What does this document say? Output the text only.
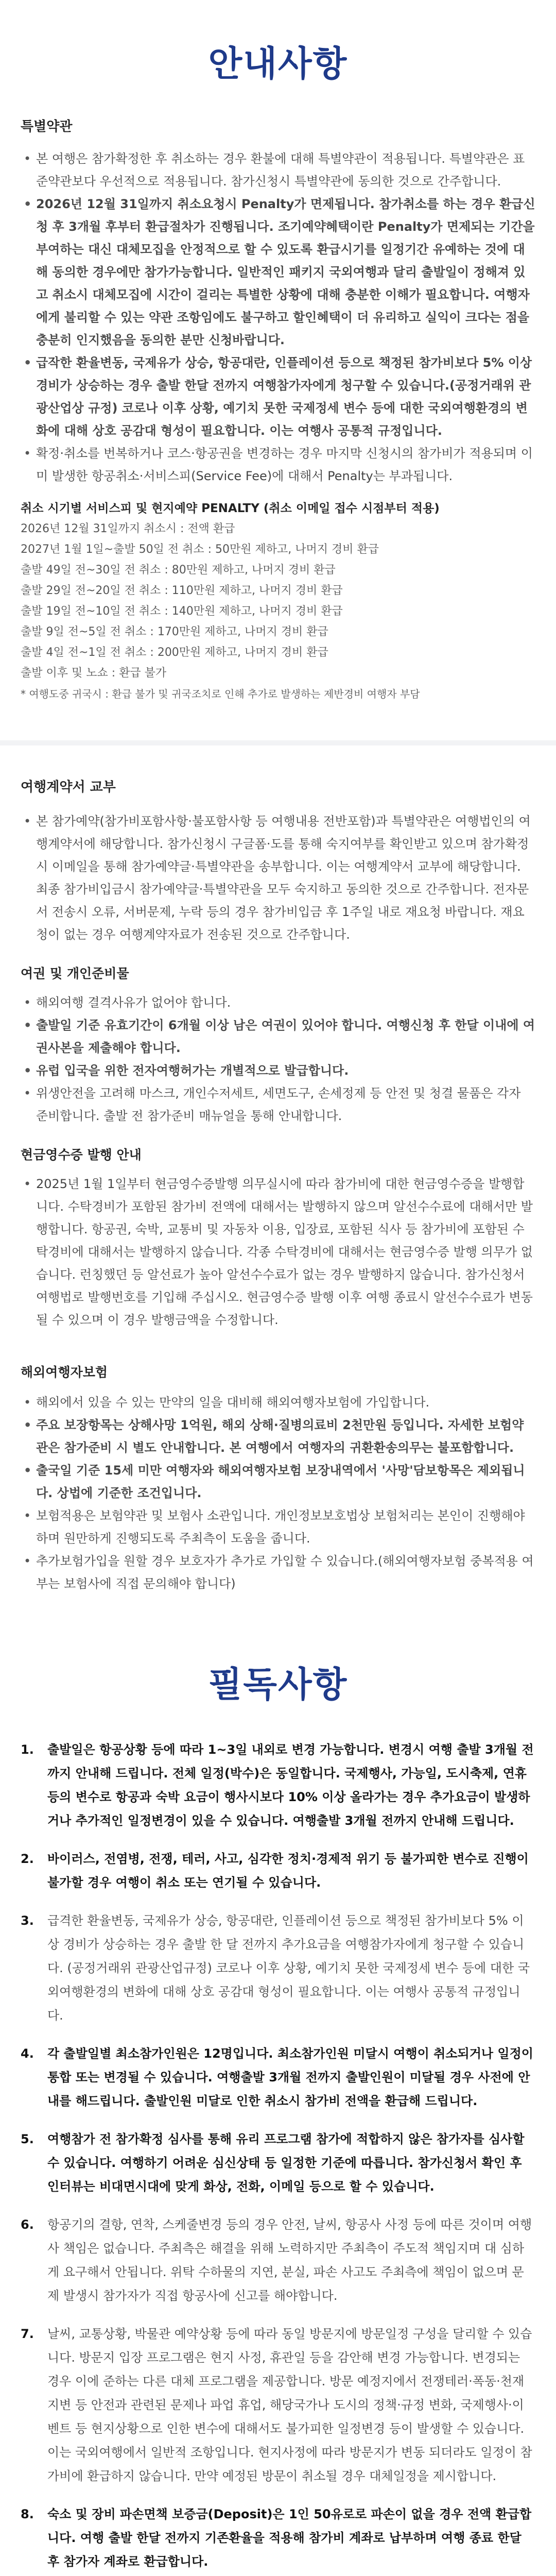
안내사항
특별약관
• 본 여행은 참가확정한 후 취소하는 경우 환불에 대해 특별약관이 적용됩니다. 특별약관은 표준약관보다 우선적으로 적용됩니다. 참가신청시 특별약관에 동의한 것으로 간주합니다.
• 2026년 12월 31일까지 취소요청시 Penalty가 면제됩니다. 참가취소를 하는 경우 환급신청 후 3개월 후부터 환급절차가 진행됩니다. 조기예약혜택이란 Penalty가 면제되는 기간을 부여하는 대신 대체모집을 안정적으로 할 수 있도록 환급시기를 일정기간 유예하는 것에 대해 동의한 경우에만 참가가능합니다. 일반적인 패키지 국외여행과 달리 출발일이 정해져 있고 취소시 대체모집에 시간이 걸리는 특별한 상황에 대해 충분한 이해가 필요합니다. 여행자에게 불리할 수 있는 약관 조항임에도 불구하고 할인혜택이 더 유리하고 실익이 크다는 점을 충분히 인지했음을 동의한 분만 신청바랍니다.
• 급작한 환율변동, 국제유가 상승, 항공대란, 인플레이션 등으로 책정된 참가비보다 5% 이상 경비가 상승하는 경우 출발 한달 전까지 여행참가자에게 청구할 수 있습니다.(공정거래위 관광산업상 규정) 코로나 이후 상황, 예기치 못한 국제정세 변수 등에 대한 국외여행환경의 변화에 대해 상호 공감대 형성이 필요합니다. 이는 여행사 공통적 규정입니다.
• 확정·취소를 번복하거나 코스·항공권을 변경하는 경우 마지막 신청시의 참가비가 적용되며 이미 발생한 항공취소·서비스피(Service Fee)에 대해서 Penalty는 부과됩니다.
취소 시기별 서비스피 및 현지예약 PENALTY (취소 이메일 접수 시점부터 적용)
2026년 12월 31일까지 취소시 : 전액 환급
2027년 1월 1일~출발 50일 전 취소 : 50만원 제하고, 나머지 경비 환급
출발 49일 전~30일 전 취소 : 80만원 제하고, 나머지 경비 환급
출발 29일 전~20일 전 취소 : 110만원 제하고, 나머지 경비 환급
출발 19일 전~10일 전 취소 : 140만원 제하고, 나머지 경비 환급
출발 9일 전~5일 전 취소 : 170만원 제하고, 나머지 경비 환급
출발 4일 전~1일 전 취소 : 200만원 제하고, 나머지 경비 환급
출발 이후 및 노쇼 : 환급 불가
* 여행도중 귀국시 : 환급 불가 및 귀국조치로 인해 추가로 발생하는 제반경비 여행자 부담
여행계약서 교부
• 본 참가예약(참가비포함사항·불포함사항 등 여행내용 전반포함)과 특별약관은 여행법인의 여행계약서에 해당합니다. 참가신청시 구글폼·도를 통해 숙지여부를 확인받고 있으며 참가확정시 이메일을 통해 참가예약글·특별약관을 송부합니다. 이는 여행계약서 교부에 해당합니다. 최종 참가비입금시 참가예약글·특별약관을 모두 숙지하고 동의한 것으로 간주합니다. 전자문서 전송시 오류, 서버문제, 누락 등의 경우 참가비입금 후 1주일 내로 재요청 바랍니다. 재요청이 없는 경우 여행계약자료가 전송된 것으로 간주합니다.
여권 및 개인준비물
• 해외여행 결격사유가 없어야 합니다.
• 출발일 기준 유효기간이 6개월 이상 남은 여권이 있어야 합니다. 여행신청 후 한달 이내에 여권사본을 제출해야 합니다.
• 유럽 입국을 위한 전자여행허가는 개별적으로 발급합니다.
• 위생안전을 고려해 마스크, 개인수저세트, 세면도구, 손세정제 등 안전 및 청결 물품은 각자 준비합니다. 출발 전 참가준비 매뉴얼을 통해 안내합니다.
현금영수증 발행 안내
• 2025년 1월 1일부터 현금영수증발행 의무실시에 따라 참가비에 대한 현금영수증을 발행합니다. 수탁경비가 포함된 참가비 전액에 대해서는 발행하지 않으며 알선수수료에 대해서만 발행합니다. 항공권, 숙박, 교통비 및 자동차 이용, 입장료, 포함된 식사 등 참가비에 포함된 수탁경비에 대해서는 발행하지 않습니다. 각종 수탁경비에 대해서는 현금영수증 발행 의무가 없습니다. 런칭했던 등 알선료가 높아 알선수수료가 없는 경우 발행하지 않습니다. 참가신청서 여행법로 발행번호를 기입해 주십시오. 현금영수증 발행 이후 여행 종료시 알선수수료가 변동될 수 있으며 이 경우 발행금액을 수정합니다.
해외여행자보험
• 해외에서 있을 수 있는 만약의 일을 대비해 해외여행자보험에 가입합니다.
• 주요 보장항목는 상해사망 1억원, 해외 상해·질병의료비 2천만원 등입니다. 자세한 보험약관은 참가준비 시 별도 안내합니다. 본 여행에서 여행자의 귀환환송의무는 불포함합니다.
• 출국일 기준 15세 미만 여행자와 해외여행자보험 보장내역에서 '사망'담보항목은 제외됩니다. 상법에 기준한 조건입니다.
• 보험적용은 보험약관 및 보험사 소관입니다. 개인정보보호법상 보험처리는 본인이 진행해야 하며 원만하게 진행되도록 주최측이 도움을 줍니다.
• 추가보험가입을 원할 경우 보호자가 추가로 가입할 수 있습니다.(해외여행자보험 중복적용 여부는 보험사에 직접 문의해야 합니다)
필독사항
1. 출발일은 항공상황 등에 따라 1~3일 내외로 변경 가능합니다. 변경시 여행 출발 3개월 전까지 안내해 드립니다. 전체 일정(박수)은 동일합니다. 국제행사, 가능일, 도시축제, 연휴 등의 변수로 항공과 숙박 요금이 행사시보다 10% 이상 올라가는 경우 추가요금이 발생하거나 추가적인 일정변경이 있을 수 있습니다. 여행출발 3개월 전까지 안내해 드립니다.
2. 바이러스, 전염병, 전쟁, 테러, 사고, 심각한 정치·경제적 위기 등 불가피한 변수로 진행이 불가할 경우 여행이 취소 또는 연기될 수 있습니다.
3. 급격한 환율변동, 국제유가 상승, 항공대란, 인플레이션 등으로 책정된 참가비보다 5% 이상 경비가 상승하는 경우 출발 한 달 전까지 추가요금을 여행참가자에게 청구할 수 있습니다. (공정거래위 관광산업규정) 코로나 이후 상황, 예기치 못한 국제정세 변수 등에 대한 국외여행환경의 변화에 대해 상호 공감대 형성이 필요합니다. 이는 여행사 공통적 규정입니다.
4. 각 출발일별 최소참가인원은 12명입니다. 최소참가인원 미달시 여행이 취소되거나 일정이 통합 또는 변경될 수 있습니다. 여행출발 3개월 전까지 출발인원이 미달될 경우 사전에 안내를 해드립니다. 출발인원 미달로 인한 취소시 참가비 전액을 환급해 드립니다.
5. 여행참가 전 참가확정 심사를 통해 유리 프로그램 참가에 적합하지 않은 참가자를 심사할 수 있습니다. 여행하기 어려운 심신상태 등 일정한 기준에 따릅니다. 참가신청서 확인 후 인터뷰는 비대면시대에 맞게 화상, 전화, 이메일 등으로 할 수 있습니다.
6. 항공기의 결항, 연착, 스케줄변경 등의 경우 안전, 날씨, 항공사 사정 등에 따른 것이며 여행사 책임은 없습니다. 주최측은 해결을 위해 노력하지만 주최측이 주도적 책임지며 대 심하게 요구해서 안됩니다. 위탁 수하물의 지연, 분실, 파손 사고도 주최측에 책임이 없으며 문제 발생시 참가자가 직접 항공사에 신고를 해야합니다.
7. 날씨, 교통상황, 박물관 예약상황 등에 따라 동일 방문지에 방문일정 구성을 달리할 수 있습니다. 방문지 입장 프로그램은 현지 사정, 휴관일 등을 감안해 변경 가능합니다. 변경되는 경우 이에 준하는 다른 대체 프로그램을 제공합니다. 방문 예정지에서 전쟁테러·폭동·천재지변 등 안전과 관련된 문제나 파업 휴업, 해당국가나 도시의 정책·규정 변화, 국제행사·이벤트 등 현지상황으로 인한 변수에 대해서도 불가피한 일정변경 등이 발생할 수 있습니다. 이는 국외여행에서 일반적 조항입니다. 현지사정에 따라 방문지가 변동 되더라도 일정이 참가비에 환급하지 않습니다. 만약 예정된 방문이 취소될 경우 대체일정을 제시합니다.
8. 숙소 및 장비 파손면책 보증금(Deposit)은 1인 50유로로 파손이 없을 경우 전액 환급합니다. 여행 출발 한달 전까지 기존환율을 적용해 참가비 계좌로 납부하며 여행 종료 한달 후 참가자 계좌로 환급합니다.
